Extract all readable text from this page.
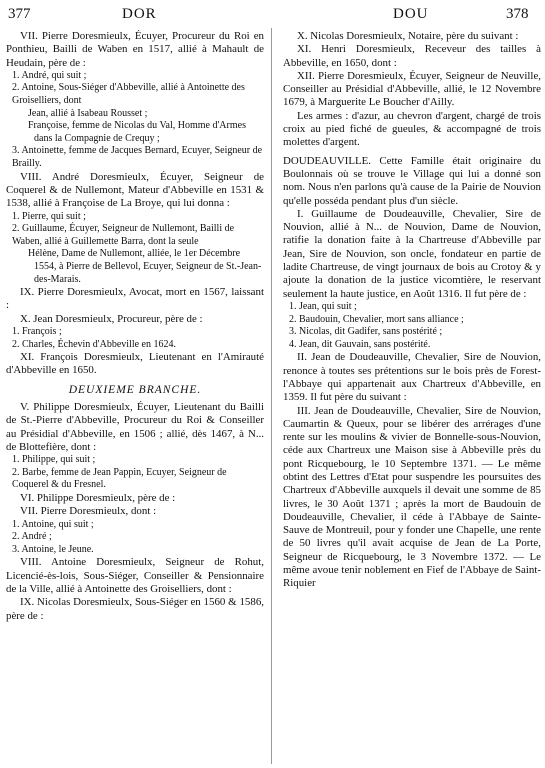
377	DOR	DOU	378
VII. Pierre Doresmieulx, Écuyer, Procureur du Roi en Ponthieu, Bailli de Waben en 1517, allié à Mahault de Heudain, père de :
1. André, qui suit ;
2. Antoine, Sous-Siéger d'Abbeville, allié à Antoinette des Groiselliers, dont
Jean, allié à Isabeau Rousset ;
Françoise, femme de Nicolas du Val, Homme d'Armes dans la Compagnie de Crequy ;
3. Antoinette, femme de Jacques Bernard, Ecuyer, Seigneur de Brailly.
VIII. André Doresmieulx, Écuyer, Seigneur de Coquerel & de Nullemont, Mateur d'Abbeville en 1531 & 1538, allié à Françoise de La Broye, qui lui donna :
1. Pierre, qui suit ;
2. Guillaume, Écuyer, Seigneur de Nullemont, Bailli de Waben, allié à Guillemette Barra, dont la seule
Hélène, Dame de Nullemont, alliée, le 1er Décembre 1554, à Pierre de Bellevol, Ecuyer, Seigneur de St.-Jean-des-Marais.
IX. Pierre Doresmieulx, Avocat, mort en 1567, laissant :
X. Jean Doresmieulx, Procureur, père de :
1. François ;
2. Charles, Échevin d'Abbeville en 1624.
XI. François Doresmieulx, Lieutenant en l'Amirauté d'Abbeville en 1650.
DEUXIEME BRANCHE.
V. Philippe Doresmieulx, Écuyer, Lieutenant du Bailli de St.-Pierre d'Abbeville, Procureur du Roi & Conseiller au Présidial d'Abbeville, en 1506 ; allié, dès 1467, à N... de Blottefière, dont :
1. Philippe, qui suit ;
2. Barbe, femme de Jean Pappin, Ecuyer, Seigneur de Coquerel & du Fresnel.
VI. Philippe Doresmieulx, père de :
VII. Pierre Doresmieulx, dont :
1. Antoine, qui suit ;
2. André ;
3. Antoine, le Jeune.
VIII. Antoine Doresmieulx, Seigneur de Rohut, Licencié-ès-lois, Sous-Siéger, Conseiller & Pensionnaire de la Ville, allié à Antoinette des Groiselliers, dont :
IX. Nicolas Doresmieulx, Sous-Siéger en 1560 & 1586, père de :
X. Nicolas Doresmieulx, Notaire, père du suivant :
XI. Henri Doresmieulx, Receveur des tailles à Abbeville, en 1650, dont :
XII. Pierre Doresmieulx, Écuyer, Seigneur de Neuville, Conseiller au Présidial d'Abbeville, allié, le 12 Novembre 1679, à Marguerite Le Boucher d'Ailly.
Les armes : d'azur, au chevron d'argent, chargé de trois croix au pied fiché de gueules, & accompagné de trois molettes d'argent.
DOUDEAUVILLE. Cette Famille était originaire du Boulonnais où se trouve le Village qui lui a donné son nom. Nous n'en parlons qu'à cause de la Pairie de Nouvion qu'elle posséda pendant plus d'un siècle.
I. Guillaume de Doudeauville, Chevalier, Sire de Nouvion, allié à N... de Nouvion, Dame de Nouvion, ratifie la donation faite à la Chartreuse d'Abbeville par Jean, Sire de Nouvion, son oncle, fondateur en partie de ladite Chartreuse, de vingt journaux de bois au Crotoy & y ajoute la donation de la justice vicomtière, le reservant seulement la haute justice, en Août 1316. Il fut père de :
1. Jean, qui suit ;
2. Baudouin, Chevalier, mort sans alliance ;
3. Nicolas, dit Gadifer, sans postérité ;
4. Jean, dit Gauvain, sans postérité.
II. Jean de Doudeauville, Chevalier, Sire de Nouvion, renonce à toutes ses prétentions sur le bois près de Forest-l'Abbaye qui appartenait aux Chartreux d'Abbeville, en 1359. Il fut père du suivant :
III. Jean de Doudeauville, Chevalier, Sire de Nouvion, Caumartin & Queux, pour se libérer des arrérages d'une rente sur les moulins & vivier de Bonnelle-sous-Nouvion, céde aux Chartreux une Maison sise à Abbeville près du pont Ricquebourg, le 10 Septembre 1371. — Le même obtint des Lettres d'Etat pour suspendre les poursuites des Chartreux d'Abbeville auxquels il devait une somme de 85 livres, le 30 Août 1371 ; après la mort de Baudouin de Doudeauville, Chevalier, il céde à l'Abbaye de Sainte-Sauve de Montreuil, pour y fonder une Chapelle, une rente de 50 livres qu'il avait acquise de Jean de La Porte, Seigneur de Ricquebourg, le 3 Novembre 1372. — Le même avoue tenir noblement en Fief de l'Abbaye de Saint-Riquier
